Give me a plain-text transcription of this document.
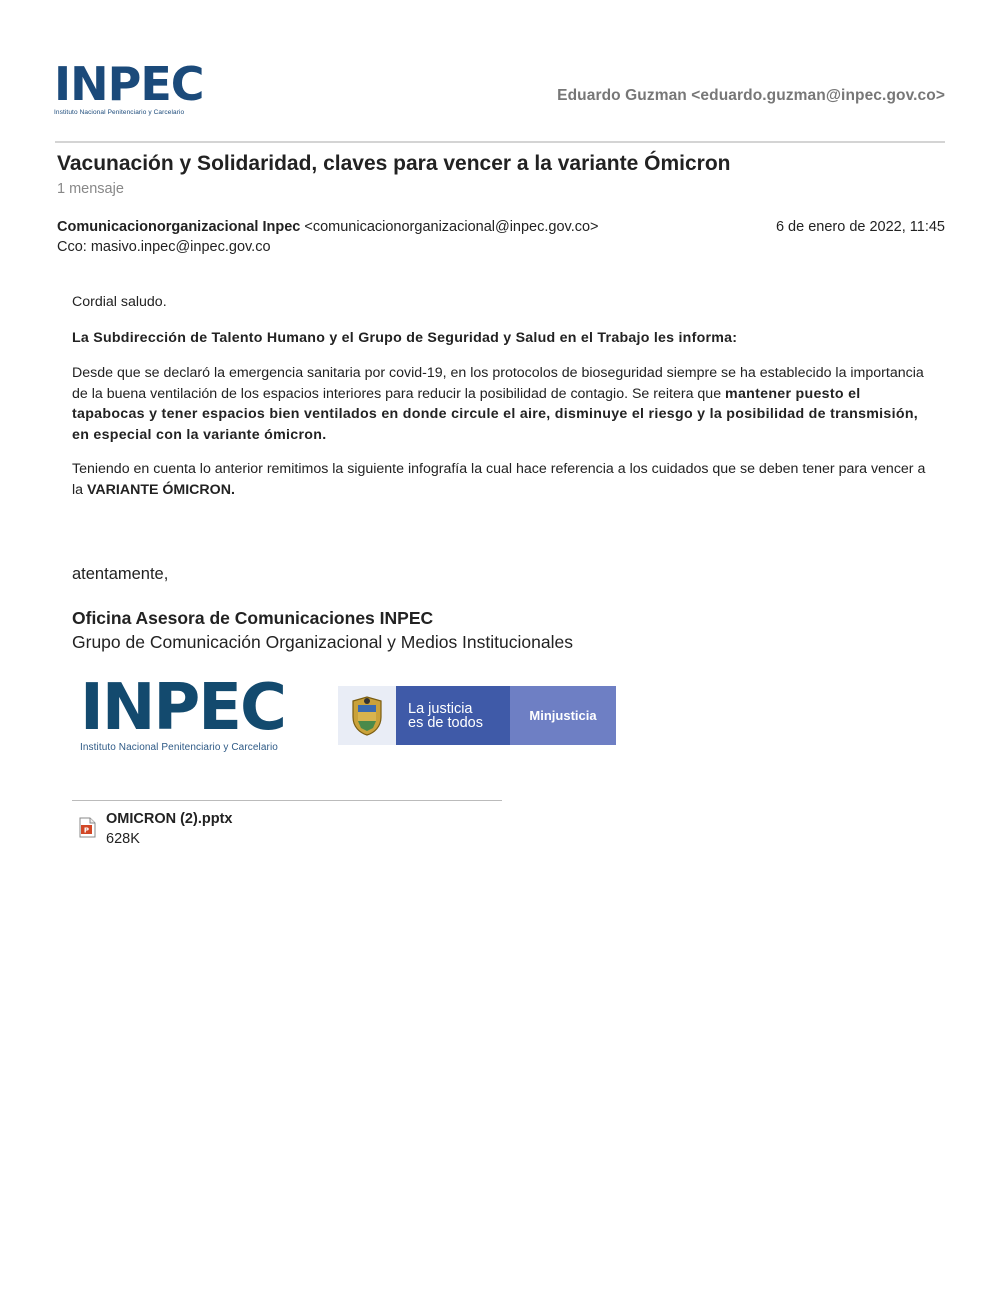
INPEC
Instituto Nacional Penitenciario y Carcelario
Eduardo Guzman <eduardo.guzman@inpec.gov.co>
Vacunación y Solidaridad, claves para vencer a la variante Ómicron
1 mensaje
Comunicacionorganizacional Inpec <comunicacionorganizacional@inpec.gov.co>	6 de enero de 2022, 11:45
Cco: masivo.inpec@inpec.gov.co

Cordial saludo.

La Subdirección de Talento Humano y el Grupo de Seguridad y Salud en el Trabajo les informa:

Desde que se declaró la emergencia sanitaria por covid-19, en los protocolos de bioseguridad siempre se ha establecido la importancia de la buena ventilación de los espacios interiores para reducir la posibilidad de contagio. Se reitera que mantener puesto el tapabocas y tener espacios bien ventilados en donde circule el aire, disminuye el riesgo y la posibilidad de transmisión, en especial con la variante ómicron.

Teniendo en cuenta lo anterior remitimos la siguiente infografía la cual hace referencia a los cuidados que se deben tener para vencer a la VARIANTE ÓMICRON.

atentamente,
Oficina Asesora de Comunicaciones INPEC
Grupo de Comunicación Organizacional y Medios Institucionales
INPEC
Instituto Nacional Penitenciario y Carcelario
La justicia
es de todos	Minjusticia
P
OMICRON (2).pptx
628K
